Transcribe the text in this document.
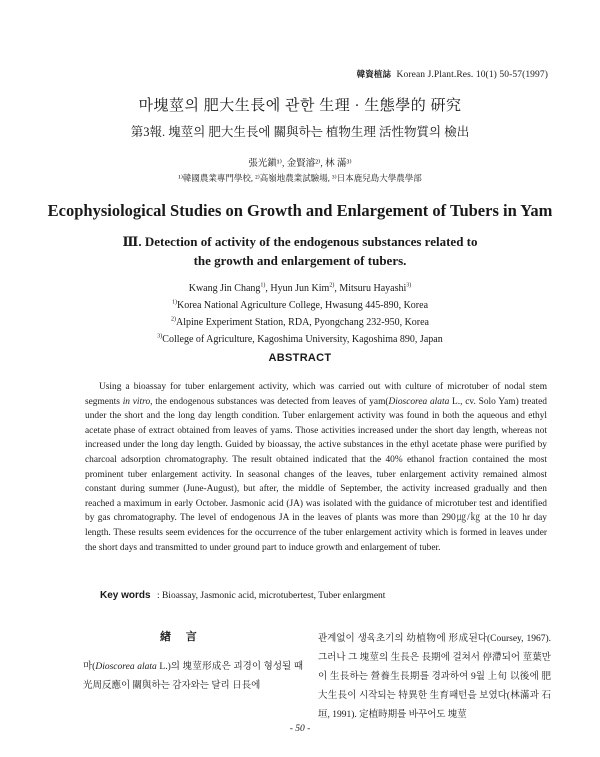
韓資植誌 Korean J.Plant.Res. 10(1) 50-57(1997)
마塊莖의 肥大生長에 관한 生理 · 生態學的 硏究
第3報. 塊莖의 肥大生長에 關與하는 植物生理 活性物質의 檢出
張光鎭¹⁾, 金賢濬²⁾, 林 滿³⁾
¹⁾韓國農業專門學校, ²⁾高嶺地農業試驗場, ³⁾日本鹿兒島大學農學部
Ecophysiological Studies on Growth and Enlargement of Tubers in Yam
Ⅲ. Detection of activity of the endogenous substances related to
the growth and enlargement of tubers.
Kwang Jin Chang$^{1)}$, Hyun Jun Kim$^{2)}$, Mitsuru Hayashi$^{3)}$
$^{1)}$Korea National Agriculture College, Hwasung 445-890, Korea
$^{2)}$Alpine Experiment Station, RDA, Pyongchang 232-950, Korea
$^{3)}$College of Agriculture, Kagoshima University, Kagoshima 890, Japan
ABSTRACT

Using a bioassay for tuber enlargement activity, which was carried out with culture of microtuber of nodal stem segments in vitro, the endogenous substances was detected from leaves of yam(Dioscorea alata L., cv. Solo Yam) treated under the short and the long day length condition. Tuber enlargement activity was found in both the aqueous and ethyl acetate phase of extract obtained from leaves of yams. Those activities increased under the short day length, whereas not increased under the long day length. Guided by bioassay, the active substances in the ethyl acetate phase were purified by charcoal adsorption chromatography. The result obtained indicated that the 40% ethanol fraction contained the most prominent tuber enlargement activity. In seasonal changes of the leaves, tuber enlargement activity remained almost constant during summer (June-August), but after, the middle of September, the activity increased gradually and then reached a maximum in early October. Jasmonic acid (JA) was isolated with the guidance of microtuber test and identified by gas chromatography. The level of endogenous JA in the leaves of plants was more than 290㎍/㎏ at the 10 hr day length. These results seem evidences for the occurrence of the tuber enlargement activity which is formed in leaves under the short days and transmitted to under ground part to induce growth and enlargement of tuber.

Key words : Bioassay, Jasmonic acid, microtubertest, Tuber enlargment
緖 言

마(Dioscorea alata L.)의 塊莖形成은 괴경이 형성될 때 光周反應이 關與하는 감자와는 달리 日長에

관계없이 생육초기의 幼植物에 形成된다(Coursey, 1967). 그러나 그 塊莖의 生長은 長期에 걸쳐서 停滯되어 莖葉만이 生長하는 營養生長期를 경과하여 9월 上旬 以後에 肥大生長이 시작되는 特異한 生育패턴을 보였다(林滿과 石垣, 1991). 定植時期를 바꾸어도 塊莖

- 50 -
